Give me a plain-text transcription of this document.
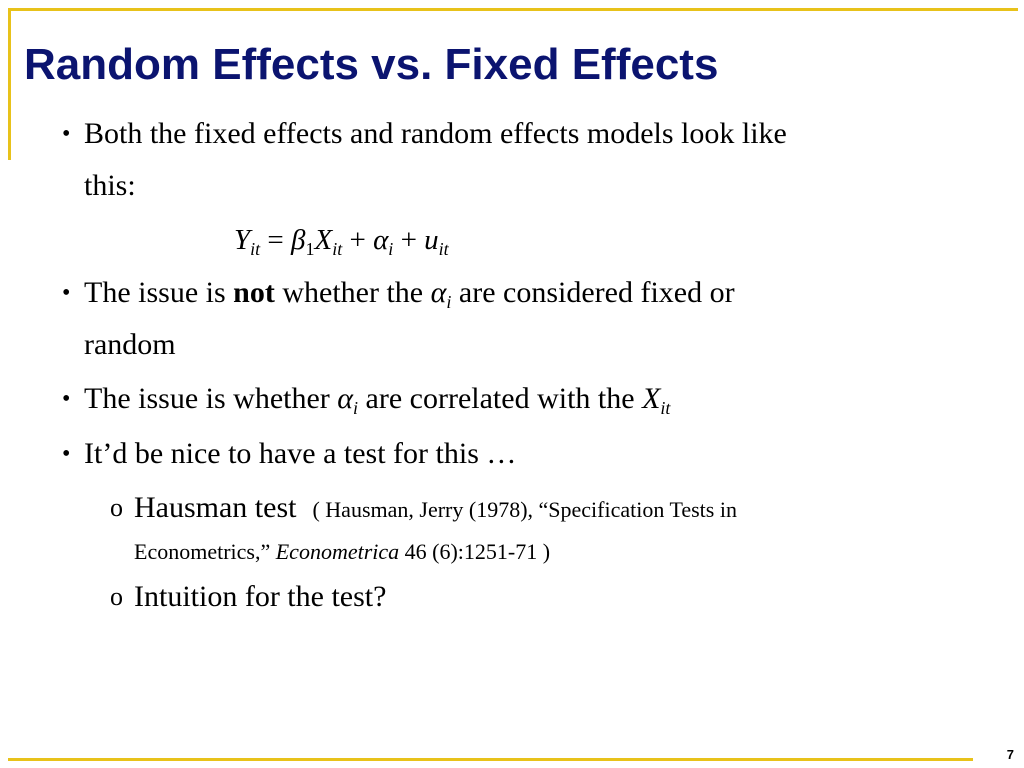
Random Effects vs. Fixed Effects
• Both the fixed effects and random effects models look like
this:
$Y_{it} = \beta_1X_{it} + \alpha_i + u_{it}$
• The issue is not whether the $\alpha_i$ are considered fixed or
random
• The issue is whether $\alpha_i$ are correlated with the $X_{it}$
• It’d be nice to have a test for this …
o Hausman test ( Hausman, Jerry (1978), “Specification Tests in
Econometrics,” Econometrica 46 (6):1251-71 )
o Intuition for the test?
7
